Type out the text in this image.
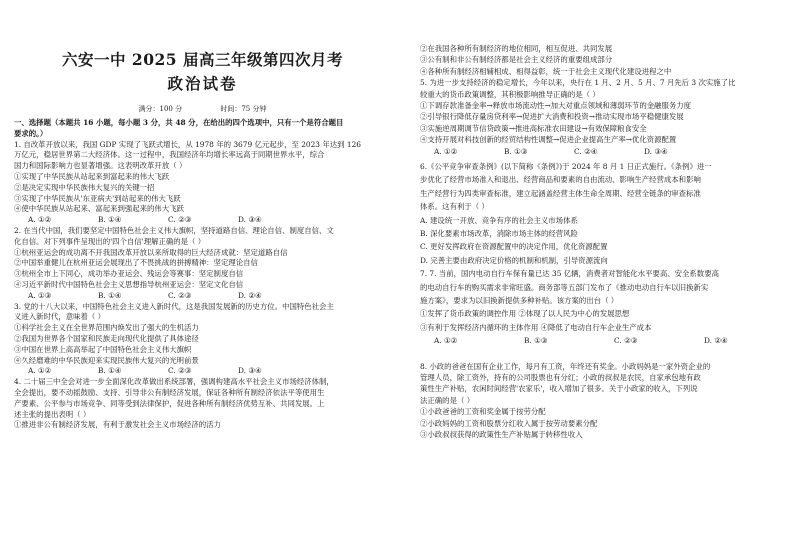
六安一中 2025 届高三年级第四次月考
政治试卷
满分：100 分	时间：75 分钟
一、选择题（本题共 16 小题，每小题 3 分，共 48 分，在给出的四个选项中，只有一个是符合题目
要求的。）
1. 自改革开放以来，我国 GDP 实现了飞跃式增长，从 1978 年的 3679 亿元起步，至 2023 年达到 126
万亿元，稳居世界第二大经济体。这一过程中，我国经济年均增长率远高于同期世界水平，综合
国力和国际影响力也显著增强。这表明改革开放（ ）
①实现了中华民族从站起来到富起来的伟大飞跃
②是决定实现中华民族伟大复兴的关键一招
③实现了中华民族从'东亚病夫'到站起来的伟大飞跃
④使中华民族从站起来、富起来到强起来的伟大飞跃
A. ①②	B. ①④	C. ②③	D. ③④
2. 在当代中国，我们要坚定中国特色社会主义伟大旗帜，坚持道路自信、理论自信、制度自信、文
化自信。对下列事件呈现出的'四个自信'理解正确的是（ ）
①杭州亚运会的成功离不开我国改革开放以来所取得的巨大经济成就：坚定道路自信
②中国举重健儿在杭州亚运会展现出了不畏挑战的拼搏精神：坚定理论自信
③杭州全市上下同心，成功举办亚运会、残运会等赛事：坚定制度自信
④习近平新时代中国特色社会主义思想指导杭州亚运会：坚定文化自信
A. ①③	B. ①④	C. ②③	D. ②④
3. 党的十八大以来，中国特色社会主义进入新时代，这是我国发展新的历史方位。中国特色社会主
义进入新时代，意味着（ ）
①科学社会主义在全世界范围内焕发出了强大的生机活力
②我国为世界各个国家和民族走向现代化提供了具体途径
③中国在世界上高高举起了中国特色社会主义伟大旗帜
④久经磨难的中华民族迎来实现民族伟大复兴的光明前景
A. ①②	B. ①④	C. ②③	D. ③④
4. 二十届三中全会对进一步全面深化改革做出系统部署，强调构建高水平社会主义市场经济体制，
全会提出，要不动摇鼓励、支持、引导非公有制经济发展，保证各种所有制经济依法平等使用生
产要素、公平参与市场竞争、同等受到法律保护，促进各种所有制经济优势互补、共同发展。上
述主张的提出表明（ ）
①推进非公有制经济发展，有利于激发社会主义市场经济的活力
②在我国各种所有制经济的地位相同，相互促进、共同发展
③公有制和非公有制经济都是社会主义经济的重要组成部分
④各种所有制经济相辅相成、相得益彰，统一于社会主义现代化建设进程之中
5. 为进一步支持经济的稳定增长，今年以来，央行在 1 月、2 月、5 月、7 月先后 3 次实施了比
较重大的货币政策调整，其积极影响推导正确的是（ ）
①下调存款准备金率→释放市场流动性→加大对重点领域和薄弱环节的金融服务力度
②引导银行降低存量房贷利率→促进扩大消费和投资→推动实现市场平稳健康发展
③实施逆周期调节信贷政策→推进高标准农田建设→有效保障粮食安全
④支持开展对科技创新的经贸结构性调整→促进企业提高生产率→优化资源配置
A. ①②	B. ①③	C. ②④	D. ③④
6.《公平竞争审查条例》(以下简称《条例》)于 2024 年 8 月 1 日正式施行。《条例》进一
步优化了经营市场准入和退出、经营商品和要素的自由流动、影响生产经营成本和影响
生产经营行为四类审查标准，建立起涵盖经营主体生命全周期、经营全链条的审查标准
体系。这有利于（ ）
A. 建设统一开放、竞争有序的社会主义市场体系
B. 深化要素市场改革，消除市场主体的经营风险
C. 更好发挥政府在资源配置中的决定作用，优化资源配置
D. 完善主要由政府决定价格的机制和机制，引导资源流向
7. 7. 当前，国内电动自行车保有量已达 35 亿辆，消费者对智能化水平要高、安全系数要高
的电动自行车的购买需求非常旺盛。商务部等五部门发布了《推动电动自行车以旧换新实
施方案》，要求为以旧换新提供多种补贴。该方案的出台（ ）
①发挥了货币政策的调控作用 ②体现了以人民为中心的发展思想
③有利于发挥经济内循环的主体作用 ④降低了电动自行车企业生产成本
A. ①②	B. ①③	C. ②③	D. ②④
8. 小政的爸爸在国有企业工作，每月有工资，年终还有奖金。小政妈妈是一家外资企业的
管理人员，除工资外，持有的公司股票也有分红；小政的叔叔是农民，自家承包地有政
策性生产补贴，农闲时间经营'农家乐'，收入增加了很多。关于小政家的收入，下列说
法正确的是（ ）
①小政爸爸的工资和奖金属于按劳分配
②小政妈妈的工资和股票分红收入属于按劳动要素分配
③小政叔叔获得的政策性生产补贴属于转移性收入
